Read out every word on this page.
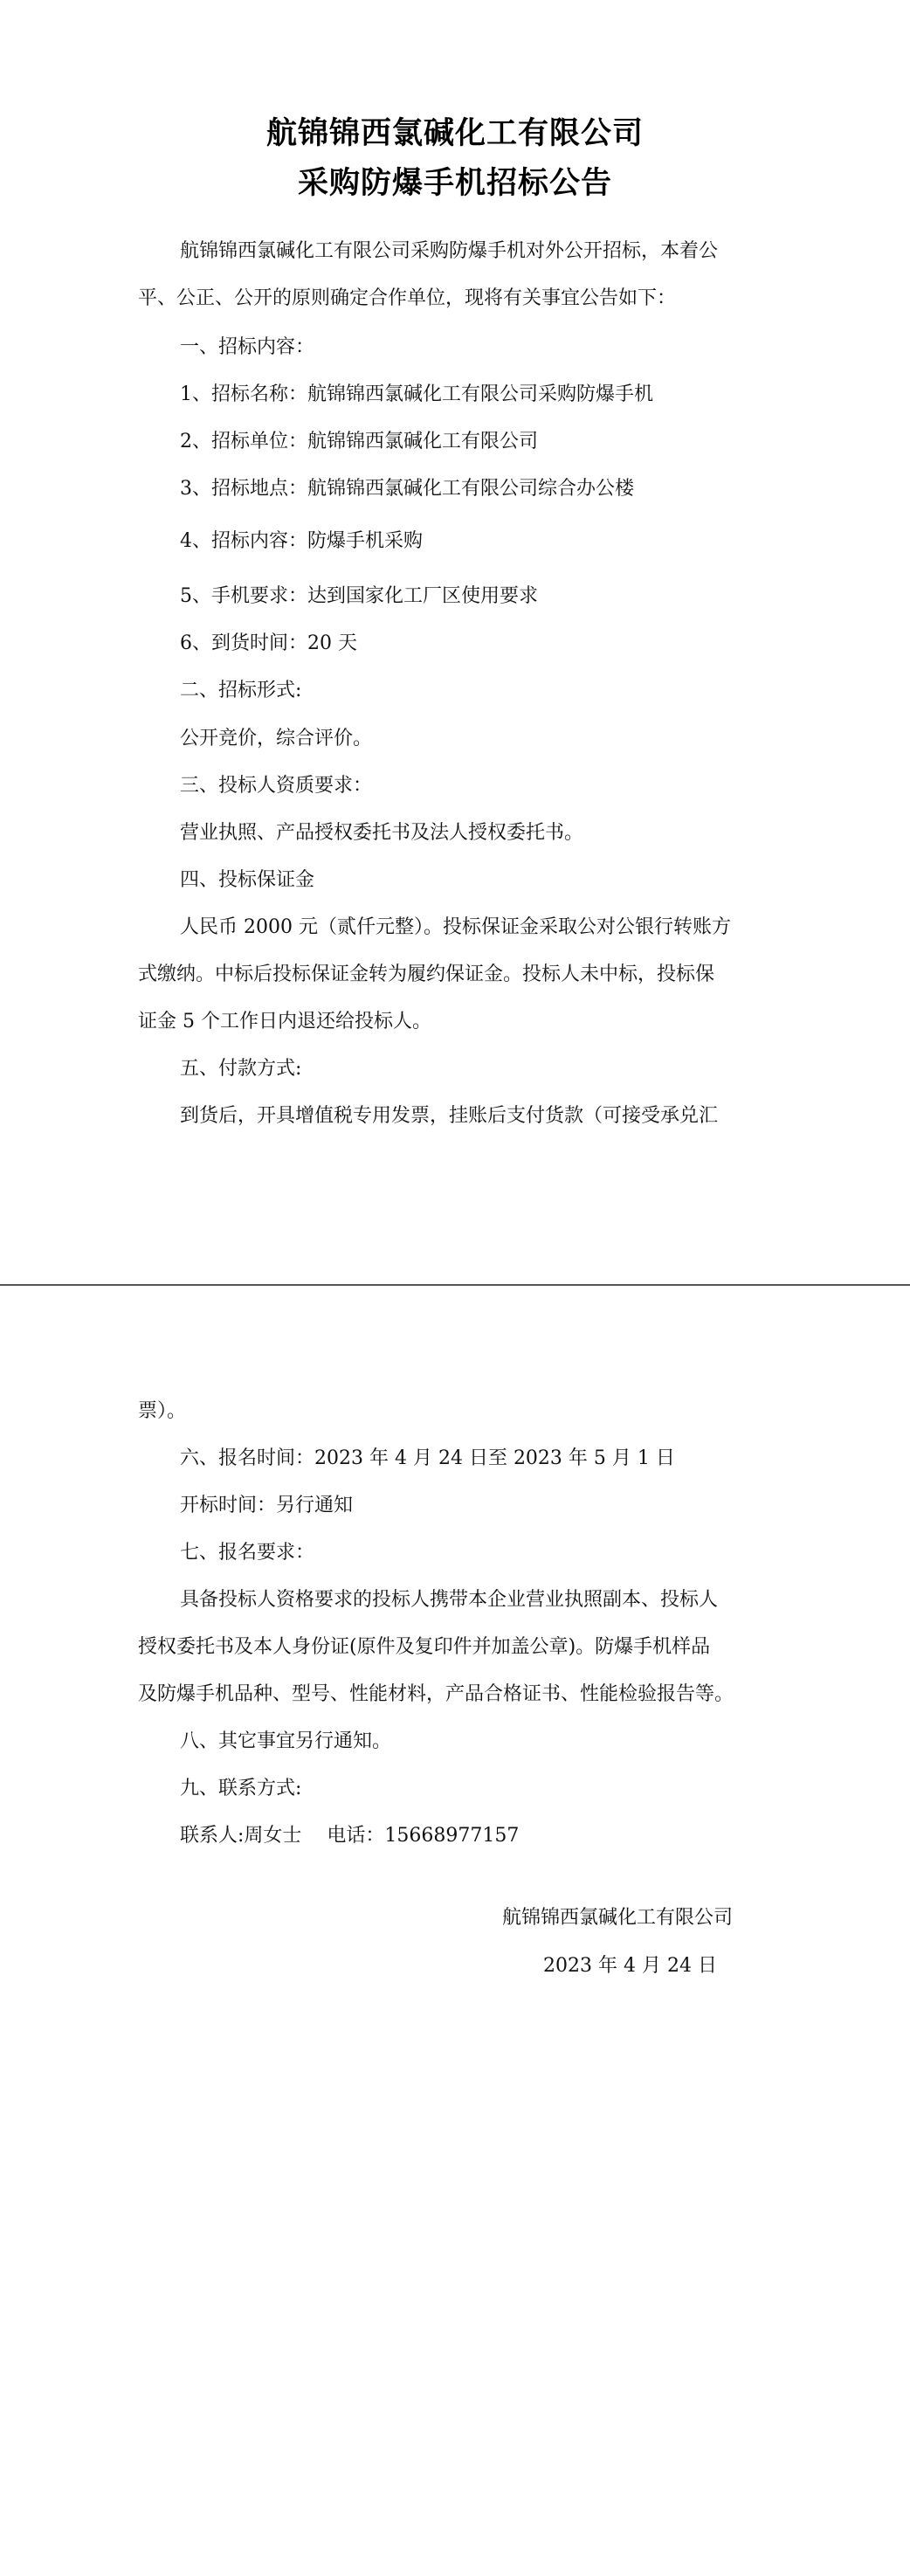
航锦锦西氯碱化工有限公司
采购防爆手机招标公告
航锦锦西氯碱化工有限公司采购防爆手机对外公开招标，本着公
平、公正、公开的原则确定合作单位，现将有关事宜公告如下：
一、招标内容：
1、招标名称：航锦锦西氯碱化工有限公司采购防爆手机
2、招标单位：航锦锦西氯碱化工有限公司
3、招标地点：航锦锦西氯碱化工有限公司综合办公楼
4、招标内容：防爆手机采购
5、手机要求：达到国家化工厂区使用要求
6、到货时间：20 天
二、招标形式:
公开竞价，综合评价。
三、投标人资质要求：
营业执照、产品授权委托书及法人授权委托书。
四、投标保证金
人民币 2000 元（贰仟元整）。投标保证金采取公对公银行转账方
式缴纳。中标后投标保证金转为履约保证金。投标人未中标，投标保
证金 5 个工作日内退还给投标人。
五、付款方式:
到货后，开具增值税专用发票，挂账后支付货款（可接受承兑汇
票）。
六、报名时间：2023 年 4 月 24 日至 2023 年 5 月 1 日
开标时间：另行通知
七、报名要求：
具备投标人资格要求的投标人携带本企业营业执照副本、投标人
授权委托书及本人身份证(原件及复印件并加盖公章)。防爆手机样品
及防爆手机品种、型号、性能材料，产品合格证书、性能检验报告等。
八、其它事宜另行通知。
九、联系方式:
联系人:周女士　 电话：15668977157
航锦锦西氯碱化工有限公司
2023 年 4 月 24 日
